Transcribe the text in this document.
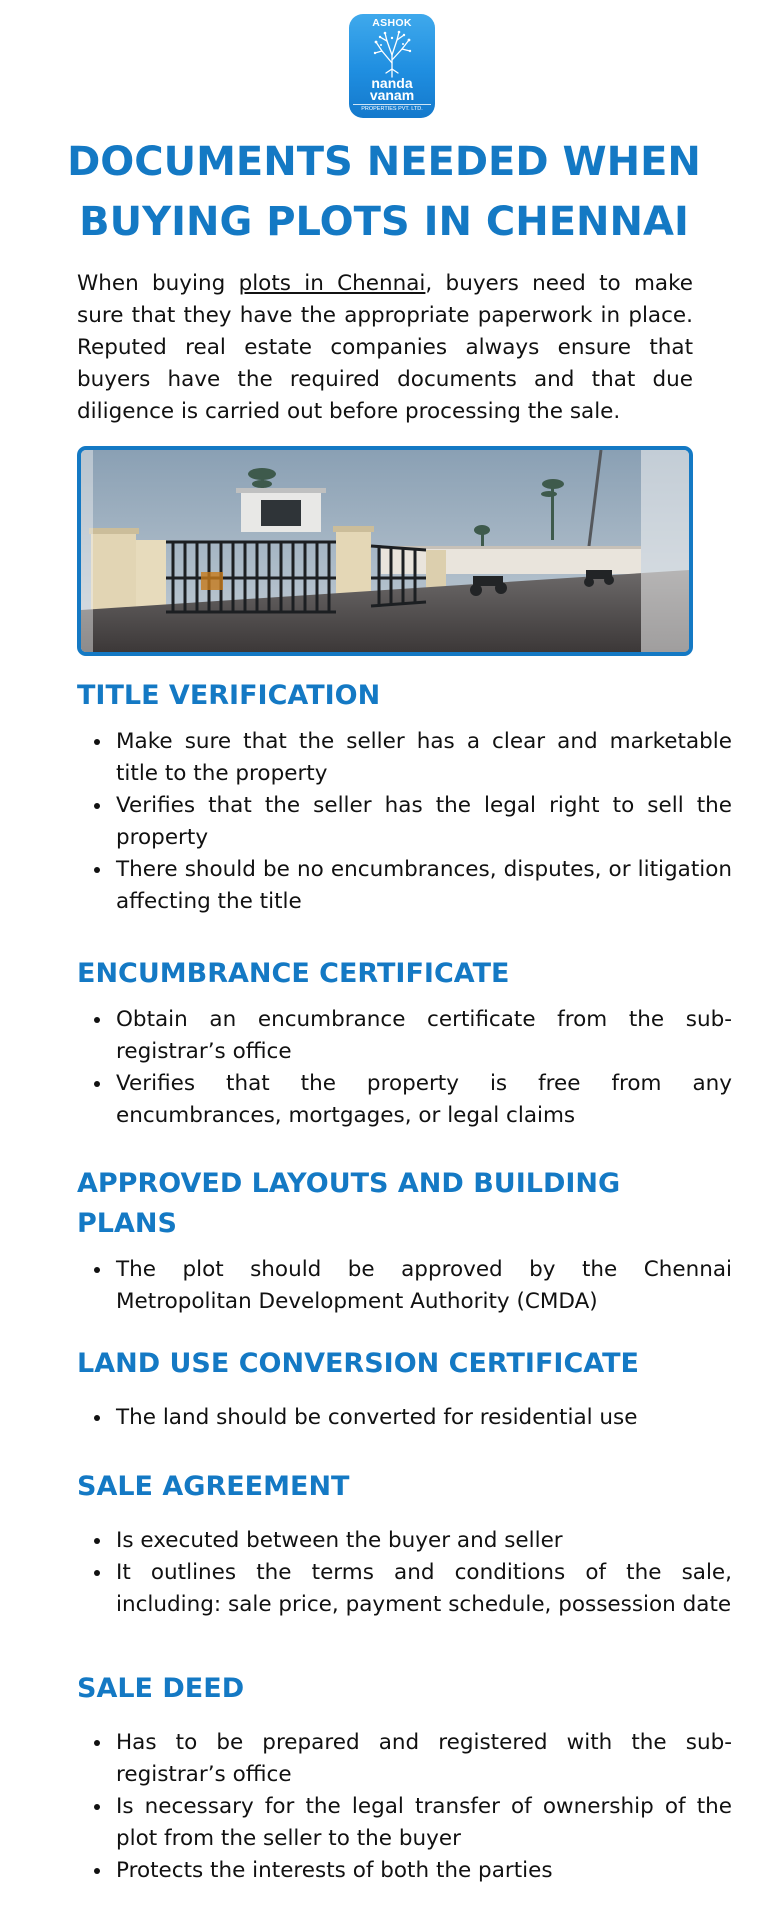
ASHOK
nanda
vanam
PROPERTIES PVT. LTD.
DOCUMENTS NEEDED WHEN
BUYING PLOTS IN CHENNAI

When buying plots in Chennai, buyers need to make sure that they have the appropriate paperwork in place. Reputed real estate companies always ensure that buyers have the required documents and that due diligence is carried out before processing the sale.

TITLE VERIFICATION
Make sure that the seller has a clear and marketable title to the property
Verifies that the seller has the legal right to sell the property
There should be no encumbrances, disputes, or litigation affecting the title
ENCUMBRANCE CERTIFICATE
Obtain an encumbrance certificate from the sub-registrar’s office
Verifies that the property is free from any encumbrances, mortgages, or legal claims
APPROVED LAYOUTS AND BUILDING PLANS
The plot should be approved by the Chennai Metropolitan Development Authority (CMDA)
LAND USE CONVERSION CERTIFICATE
The land should be converted for residential use
SALE AGREEMENT
Is executed between the buyer and seller
It outlines the terms and conditions of the sale, including: sale price, payment schedule, possession date
SALE DEED
Has to be prepared and registered with the sub-registrar’s office
Is necessary for the legal transfer of ownership of the plot from the seller to the buyer
Protects the interests of both the parties
